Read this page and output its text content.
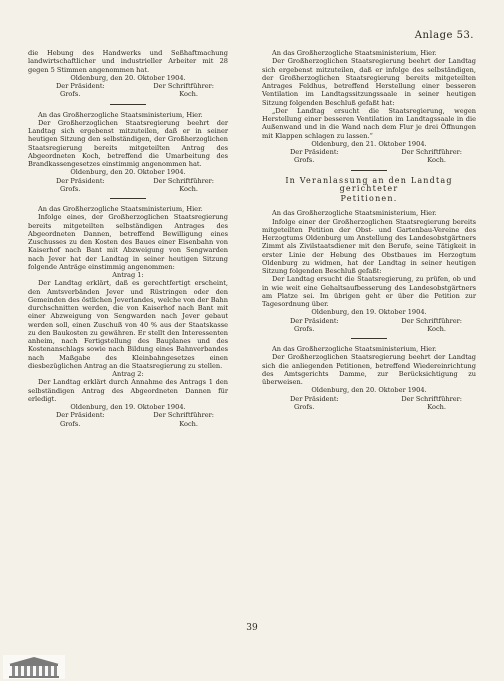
Anlage 53.

die Hebung des Handwerks und Seßhaftmachung landwirtschaftlicher und industrieller Arbeiter mit 28 gegen 5 Stimmen angenommen hat.

Oldenburg, den 20. Oktober 1904.

Der Präsident:	Der Schriftführer:
Grofs.	Koch.

An das Großherzogliche Staatsministerium, Hier.

Der Großherzoglichen Staatsregierung beehrt der Landtag sich ergebenst mitzuteilen, daß er in seiner heutigen Sitzung den selbständigen, der Großherzoglichen Staatsregierung bereits mitgeteilten Antrag des Abgeordneten Koch, betreffend die Umarbeitung des Brandkassengesetzes einstimmig angenommen hat.

Oldenburg, den 20. Oktober 1904.

Der Präsident:	Der Schriftführer:
Grofs.	Koch.

An das Großherzogliche Staatsministerium, Hier.

Infolge eines, der Großherzoglichen Staatsregierung bereits mitgeteilten selbständigen Antrages des Abgeordneten Dannen, betreffend Bewilligung eines Zuschusses zu den Kosten des Baues einer Eisenbahn von Kaiserhof nach Bant mit Abzweigung von Sengwarden nach Jever hat der Landtag in seiner heutigen Sitzung folgende Anträge einstimmig angenommen:

Antrag 1:

Der Landtag erklärt, daß es gerechtfertigt erscheint, den Amtsverbänden Jever und Rüstringen oder den Gemeinden des östlichen Jeverlandes, welche von der Bahn durchschnitten werden, die von Kaiserhof nach Bant mit einer Abzweigung von Sengwarden nach Jever gebaut werden soll, einen Zuschuß von 40 % aus der Staatskasse zu den Baukosten zu gewähren. Er stellt den Interessenten anheim, nach Fertigstellung des Bauplanes und des Kostenanschlags sowie nach Bildung eines Bahnverbandes nach Maßgabe des Kleinbahngesetzes einen diesbezüglichen Antrag an die Staatsregierung zu stellen.

Antrag 2:

Der Landtag erklärt durch Annahme des Antrags 1 den selbständigen Antrag des Abgeordneten Dannen für erledigt.

Oldenburg, den 19. Oktober 1904.

Der Präsident:	Der Schriftführer:
Grofs.	Koch.

An das Großherzogliche Staatsministerium, Hier.

Der Großherzoglichen Staatsregierung beehrt der Landtag sich ergebenst mitzuteilen, daß er infolge des selbständigen, der Großherzoglichen Staatsregierung bereits mitgeteilten Antrages Feldhus, betreffend Herstellung einer besseren Ventilation im Landtagssitzungssaale in seiner heutigen Sitzung folgenden Beschluß gefaßt hat:

„Der Landtag ersucht die Staatsregierung, wegen Herstellung einer besseren Ventilation im Landtagssaale in die Außenwand und in die Wand nach dem Flur je drei Öffnungen mit Klappen schlagen zu lassen.“

Oldenburg, den 21. Oktober 1904.

Der Präsident:	Der Schriftführer:
Grofs.	Koch.

In Veranlassung an den Landtag gerichteter

Petitionen.

An das Großherzogliche Staatsministerium, Hier.

Infolge einer der Großherzoglichen Staatsregierung bereits mitgeteilten Petition der Obst- und Gartenbau-Vereine des Herzogtums Oldenburg um Anstellung des Landesobstgärtners Zimmt als Zivilstaatsdiener mit den Berufe, seine Tätigkeit in erster Linie der Hebung des Obstbaues im Herzogtum Oldenburg zu widmen, hat der Landtag in seiner heutigen Sitzung folgenden Beschluß gefaßt:

Der Landtag ersucht die Staatsregierung, zu prüfen, ob und in wie weit eine Gehaltsaufbesserung des Landesobstgärtners am Platze sei. Im übrigen geht er über die Petition zur Tagesordnung über.

Oldenburg, den 19. Oktober 1904.

Der Präsident:	Der Schriftführer:
Grofs.	Koch.

An das Großherzogliche Staatsministerium, Hier.

Der Großherzoglichen Staatsregierung beehrt der Landtag sich die anliegenden Petitionen, betreffend Wiedereinrichtung des Amtsgerichts Damme, zur Berücksichtigung zu überweisen.

Oldenburg, den 20. Oktober 1904.

Der Präsident:	Der Schriftführer:
Grofs.	Koch.
39
